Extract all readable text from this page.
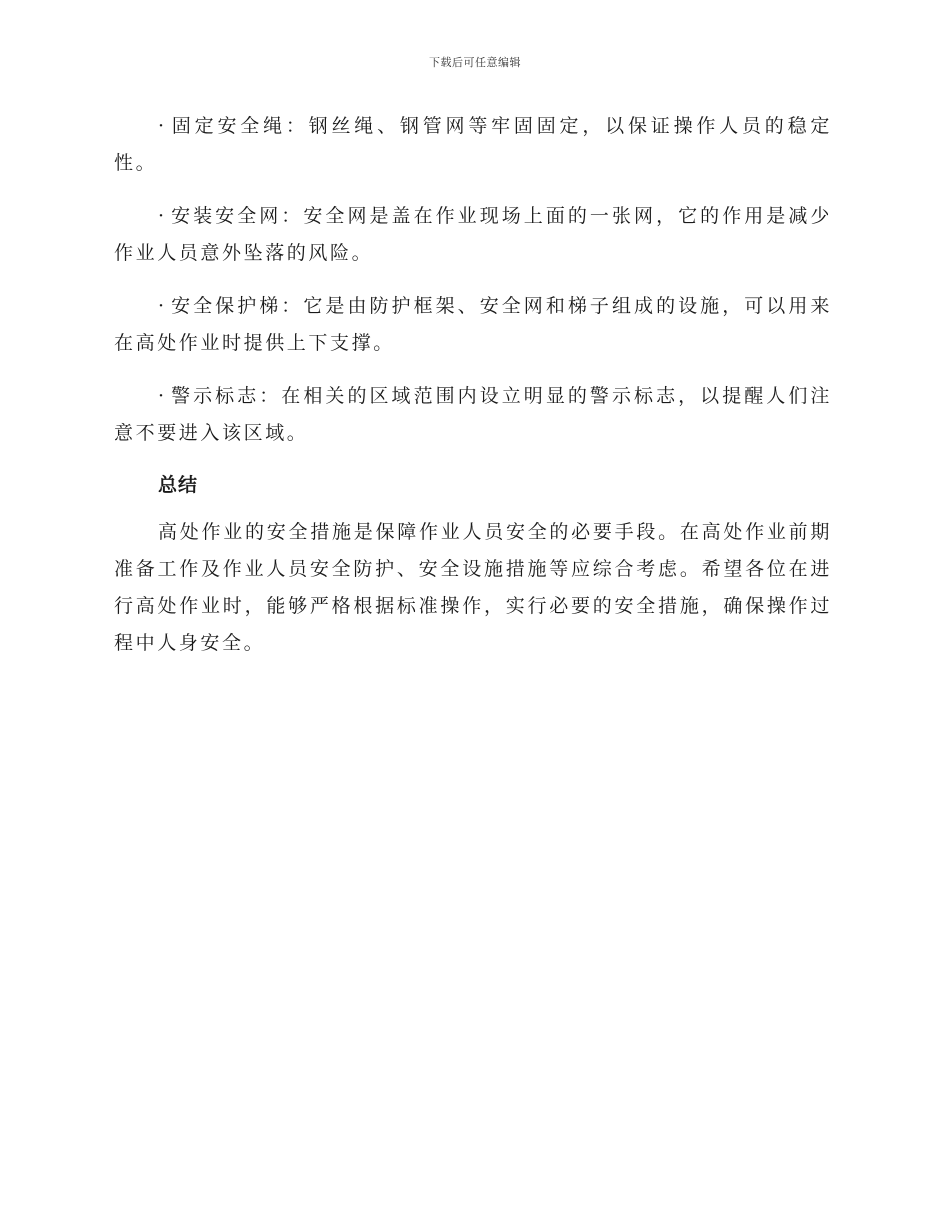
下载后可任意编辑

· 固定安全绳：钢丝绳、钢管网等牢固固定，以保证操作人员的稳定性。

· 安装安全网：安全网是盖在作业现场上面的一张网，它的作用是减少作业人员意外坠落的风险。

· 安全保护梯：它是由防护框架、安全网和梯子组成的设施，可以用来在高处作业时提供上下支撑。

· 警示标志：在相关的区域范围内设立明显的警示标志，以提醒人们注意不要进入该区域。

总结

高处作业的安全措施是保障作业人员安全的必要手段。在高处作业前期准备工作及作业人员安全防护、安全设施措施等应综合考虑。希望各位在进行高处作业时，能够严格根据标准操作，实行必要的安全措施，确保操作过程中人身安全。
